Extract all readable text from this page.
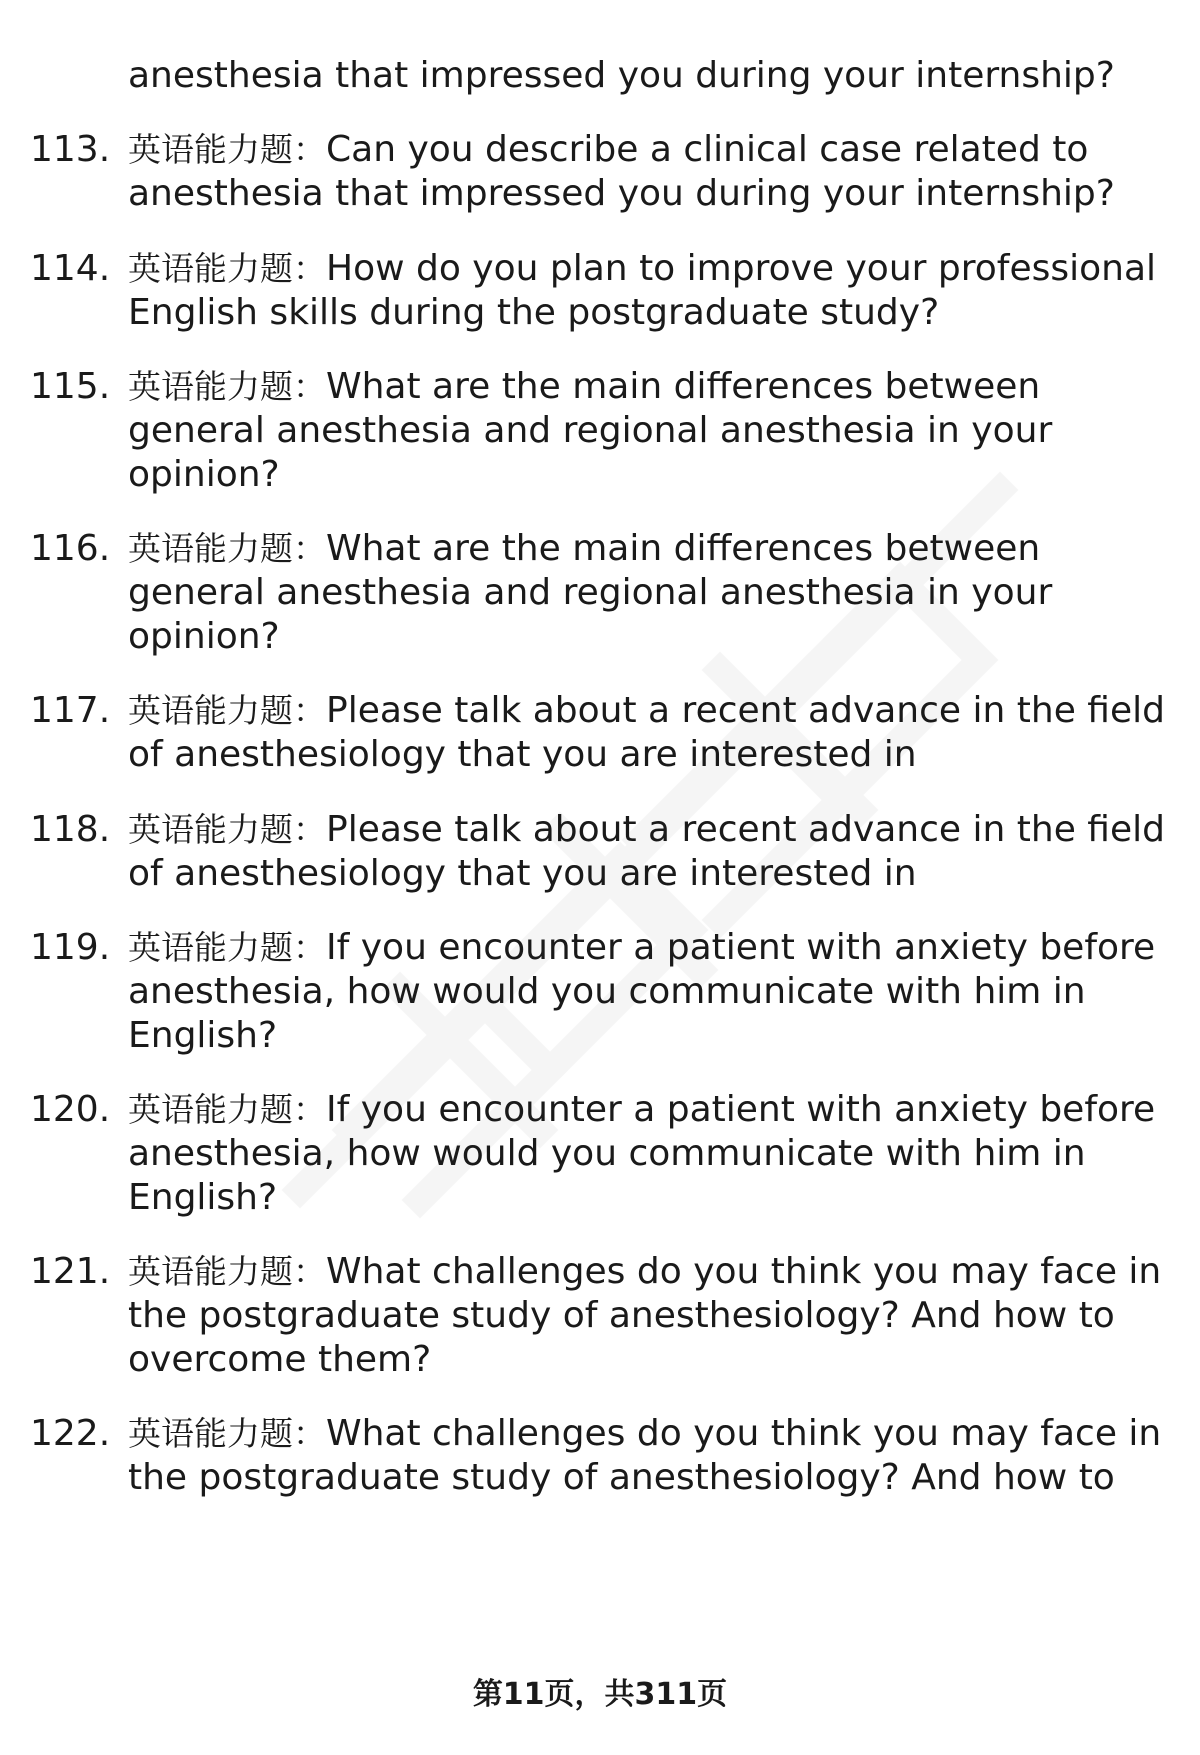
anesthesia that impressed you during your internship?
113. 英语能力题：Can you describe a clinical case related to
anesthesia that impressed you during your internship?
114. 英语能力题：How do you plan to improve your professional
English skills during the postgraduate study?
115. 英语能力题：What are the main differences between
general anesthesia and regional anesthesia in your
opinion?
116. 英语能力题：What are the main differences between
general anesthesia and regional anesthesia in your
opinion?
117. 英语能力题：Please talk about a recent advance in the field
of anesthesiology that you are interested in
118. 英语能力题：Please talk about a recent advance in the field
of anesthesiology that you are interested in
119. 英语能力题：If you encounter a patient with anxiety before
anesthesia, how would you communicate with him in
English?
120. 英语能力题：If you encounter a patient with anxiety before
anesthesia, how would you communicate with him in
English?
121. 英语能力题：What challenges do you think you may face in
the postgraduate study of anesthesiology? And how to
overcome them?
122. 英语能力题：What challenges do you think you may face in
the postgraduate study of anesthesiology? And how to
第11页，共311页
